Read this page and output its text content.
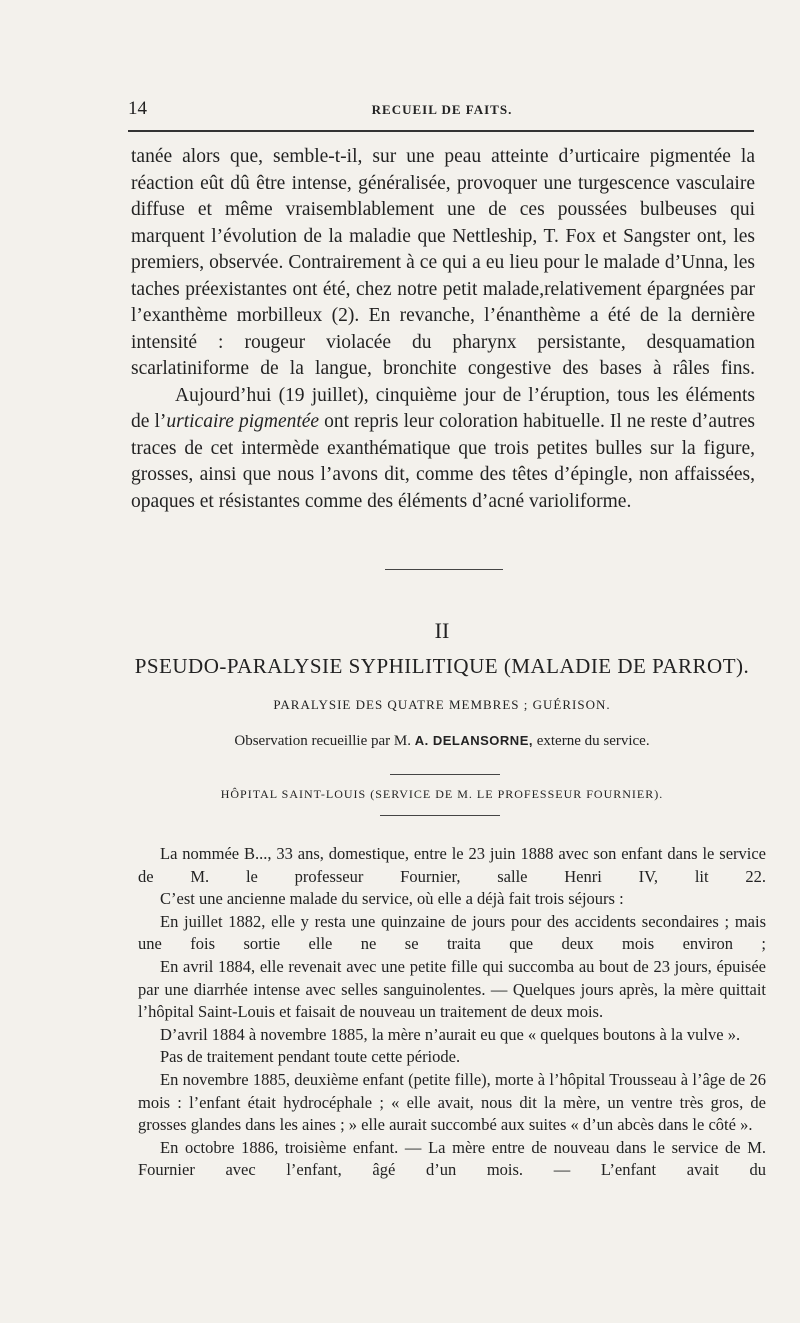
14	RECUEIL DE FAITS.

tanée alors que, semble-t-il, sur une peau atteinte d’urticaire pigmentée la réaction eût dû être intense, généralisée, provoquer une turgescence vasculaire diffuse et même vraisemblablement une de ces poussées bulbeuses qui marquent l’évolution de la maladie que Nettleship, T. Fox et Sangster ont, les premiers, observée. Contrairement à ce qui a eu lieu pour le malade d’Unna, les taches préexistantes ont été, chez notre petit malade,relativement épargnées par l’exanthème morbilleux (2). En revanche, l’énanthème a été de la dernière intensité : rougeur violacée du pharynx persistante, desquamation scarlatiniforme de la langue, bronchite congestive des bases à râles fins.

Aujourd’hui (19 juillet), cinquième jour de l’éruption, tous les éléments de l’urticaire pigmentée ont repris leur coloration habituelle. Il ne reste d’autres traces de cet intermède exanthématique que trois petites bulles sur la figure, grosses, ainsi que nous l’avons dit, comme des têtes d’épingle, non affaissées, opaques et résistantes comme des éléments d’acné varioliforme.

II
PSEUDO-PARALYSIE SYPHILITIQUE (MALADIE DE PARROT).
PARALYSIE DES QUATRE MEMBRES ; GUÉRISON.
Observation recueillie par M. A. DELANSORNE, externe du service.
HÔPITAL SAINT-LOUIS (SERVICE DE M. LE PROFESSEUR FOURNIER).

La nommée B..., 33 ans, domestique, entre le 23 juin 1888 avec son enfant dans le service de M. le professeur Fournier, salle Henri IV, lit 22.

C’est une ancienne malade du service, où elle a déjà fait trois séjours :

En juillet 1882, elle y resta une quinzaine de jours pour des accidents secondaires ; mais une fois sortie elle ne se traita que deux mois environ ;

En avril 1884, elle revenait avec une petite fille qui succomba au bout de 23 jours, épuisée par une diarrhée intense avec selles sanguinolentes. — Quelques jours après, la mère quittait l’hôpital Saint-Louis et faisait de nouveau un traitement de deux mois.

D’avril 1884 à novembre 1885, la mère n’aurait eu que « quelques boutons à la vulve ».

Pas de traitement pendant toute cette période.

En novembre 1885, deuxième enfant (petite fille), morte à l’hôpital Trousseau à l’âge de 26 mois : l’enfant était hydrocéphale ; « elle avait, nous dit la mère, un ventre très gros, de grosses glandes dans les aines ; » elle aurait succombé aux suites « d’un abcès dans le côté ».

En octobre 1886, troisième enfant. — La mère entre de nouveau dans le service de M. Fournier avec l’enfant, âgé d’un mois. — L’enfant avait du
